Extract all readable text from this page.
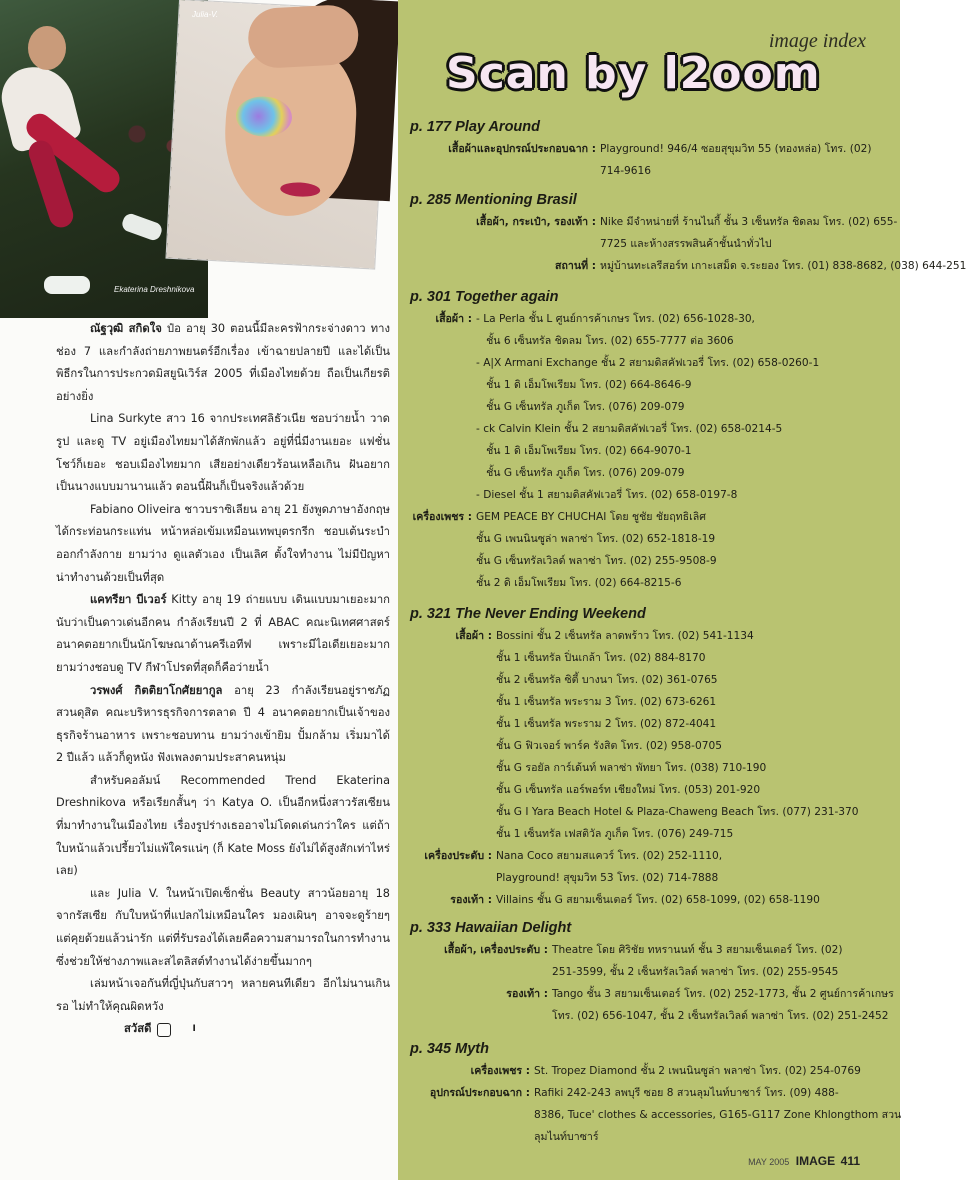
Julia-V.
Ekaterina Dreshnikova

ณัฐวุฒิ สกิดใจ ป๋อ อายุ 30 ตอนนี้มีละครฟ้ากระจ่างดาว ทางช่อง 7 และกำลังถ่ายภาพยนตร์อีกเรื่อง เข้าฉายปลายปี และได้เป็นพิธีกรในการประกวดมิสยูนิเวิร์ส 2005 ที่เมืองไทยด้วย ถือเป็นเกียรติอย่างยิ่ง

Lina Surkyte สาว 16 จากประเทศลิธัวเนีย ชอบว่ายน้ำ วาดรูป และดู TV อยู่เมืองไทยมาได้สักพักแล้ว อยู่ที่นี่มีงานเยอะ แฟชั่นโชว์ก็เยอะ ชอบเมืองไทยมาก เสียอย่างเดียวร้อนเหลือเกิน ฝันอยากเป็นนางแบบมานานแล้ว ตอนนี้ฝันก็เป็นจริงแล้วด้วย

Fabiano Oliveira ชาวบราซิเลียน อายุ 21 ยังพูดภาษาอังกฤษได้กระท่อนกระแท่น หน้าหล่อเข้มเหมือนเทพบุตรกรีก ชอบเต้นระบำ ออกกำลังกาย ยามว่าง ดูแลตัวเอง เป็นเลิศ ตั้งใจทำงาน ไม่มีปัญหา น่าทำงานด้วยเป็นที่สุด

แคทรียา บีเวอร์ Kitty อายุ 19 ถ่ายแบบ เดินแบบมาเยอะมาก นับว่าเป็นดาวเด่นอีกคน กำลังเรียนปี 2 ที่ ABAC คณะนิเทศศาสตร์ อนาคตอยากเป็นนักโฆษณาด้านครีเอทีฟ เพราะมีไอเดียเยอะมาก ยามว่างชอบดู TV กีฬาโปรดที่สุดก็คือว่ายน้ำ

วรพงศ์ กิตติยาโกศัยยากูล อายุ 23 กำลังเรียนอยู่ราชภัฏสวนดุสิต คณะบริหารธุรกิจการตลาด ปี 4 อนาคตอยากเป็นเจ้าของธุรกิจร้านอาหาร เพราะชอบทาน ยามว่างเข้ายิม ปั้มกล้าม เริ่มมาได้ 2 ปีแล้ว แล้วก็ดูหนัง ฟังเพลงตามประสาคนหนุ่ม

สำหรับคอลัมน์ Recommended Trend Ekaterina Dreshnikova หรือเรียกสั้นๆ ว่า Katya O. เป็นอีกหนึ่งสาวรัสเซียนที่มาทำงานในเมืองไทย เรื่องรูปร่างเธออาจไม่โดดเด่นกว่าใคร แต่ถ้าใบหน้าแล้วเปรี้ยวไม่แพ้ใครแน่ๆ (ก็ Kate Moss ยังไม่ได้สูงสักเท่าไหร่เลย)

และ Julia V. ในหน้าเปิดเซ็กชั่น Beauty สาวน้อยอายุ 18 จากรัสเซีย กับใบหน้าที่แปลกไม่เหมือนใคร มองเผินๆ อาจจะดูร้ายๆ แต่คุยด้วยแล้วน่ารัก แต่ที่รับรองได้เลยคือความสามารถในการทำงาน ซึ่งช่วยให้ช่างภาพและสไตลิสต์ทำงานได้ง่ายขึ้นมากๆ

เล่มหน้าเจอกันที่ญี่ปุ่นกับสาวๆ หลายคนทีเดียว อีกไม่นานเกินรอ ไม่ทำให้คุณผิดหวัง

สวัสดี	I

image index
Scan by l2oom
p. 177 Play Around
เสื้อผ้าและอุปกรณ์ประกอบฉาก : Playground! 946/4 ซอยสุขุมวิท 55 (ทองหล่อ) โทร. (02)
714-9616
p. 285 Mentioning Brasil
เสื้อผ้า, กระเป๋า, รองเท้า : Nike มีจำหน่ายที่ ร้านไนกี้ ชั้น 3 เซ็นทรัล ชิดลม โทร. (02) 655-
7725 และห้างสรรพสินค้าชั้นนำทั่วไป
สถานที่ : หมู่บ้านทะเลรีสอร์ท เกาะเสม็ด จ.ระยอง โทร. (01) 838-8682, (038) 644-251
p. 301 Together again
เสื้อผ้า : - La Perla ชั้น L ศูนย์การค้าเกษร โทร. (02) 656-1028-30,
ชั้น 6 เซ็นทรัล ชิดลม โทร. (02) 655-7777 ต่อ 3606
- A|X Armani Exchange ชั้น 2 สยามดิสคัฟเวอรี่ โทร. (02) 658-0260-1
ชั้น 1 ดิ เอ็มโพเรียม โทร. (02) 664-8646-9
ชั้น G เซ็นทรัล ภูเก็ต โทร. (076) 209-079
- ck Calvin Klein ชั้น 2 สยามดิสคัฟเวอรี่ โทร. (02) 658-0214-5
ชั้น 1 ดิ เอ็มโพเรียม โทร. (02) 664-9070-1
ชั้น G เซ็นทรัล ภูเก็ต โทร. (076) 209-079
- Diesel ชั้น 1 สยามดิสคัฟเวอรี่ โทร. (02) 658-0197-8
เครื่องเพชร : GEM PEACE BY CHUCHAI โดย ชูชัย ชัยฤทธิเลิศ
ชั้น G เพนนินซูล่า พลาซ่า โทร. (02) 652-1818-19
ชั้น G เซ็นทรัลเวิลด์ พลาซ่า โทร. (02) 255-9508-9
ชั้น 2 ดิ เอ็มโพเรียม โทร. (02) 664-8215-6
p. 321 The Never Ending Weekend
เสื้อผ้า : Bossini ชั้น 2 เซ็นทรัล ลาดพร้าว โทร. (02) 541-1134
ชั้น 1 เซ็นทรัล ปิ่นเกล้า โทร. (02) 884-8170
ชั้น 2 เซ็นทรัล ซิตี้ บางนา โทร. (02) 361-0765
ชั้น 1 เซ็นทรัล พระราม 3 โทร. (02) 673-6261
ชั้น 1 เซ็นทรัล พระราม 2 โทร. (02) 872-4041
ชั้น G ฟิวเจอร์ พาร์ค รังสิต โทร. (02) 958-0705
ชั้น G รอยัล การ์เด้นท์ พลาซ่า พัทยา โทร. (038) 710-190
ชั้น G เซ็นทรัล แอร์พอร์ท เชียงใหม่ โทร. (053) 201-920
ชั้น G I Yara Beach Hotel & Plaza-Chaweng Beach โทร. (077) 231-370
ชั้น 1 เซ็นทรัล เฟสติวัล ภูเก็ต โทร. (076) 249-715
เครื่องประดับ : Nana Coco สยามสแควร์ โทร. (02) 252-1110,
Playground! สุขุมวิท 53 โทร. (02) 714-7888
รองเท้า : Villains ชั้น G สยามเซ็นเตอร์ โทร. (02) 658-1099, (02) 658-1190
p. 333 Hawaiian Delight
เสื้อผ้า, เครื่องประดับ : Theatre โดย ศิริชัย ทหรานนท์ ชั้น 3 สยามเซ็นเตอร์ โทร. (02)
251-3599, ชั้น 2 เซ็นทรัลเวิลด์ พลาซ่า โทร. (02) 255-9545
รองเท้า : Tango ชั้น 3 สยามเซ็นเตอร์ โทร. (02) 252-1773, ชั้น 2 ศูนย์การค้าเกษร
โทร. (02) 656-1047, ชั้น 2 เซ็นทรัลเวิลด์ พลาซ่า โทร. (02) 251-2452
p. 345 Myth
เครื่องเพชร : St. Tropez Diamond ชั้น 2 เพนนินซูล่า พลาซ่า โทร. (02) 254-0769
อุปกรณ์ประกอบฉาก : Rafiki 242-243 ลพบุรี ซอย 8 สวนลุมไนท์บาซาร์ โทร. (09) 488-
8386, Tuce' clothes & accessories, G165-G117 Zone Khlongthom สวน
ลุมไนท์บาซาร์
MAY 2005 IMAGE 411
